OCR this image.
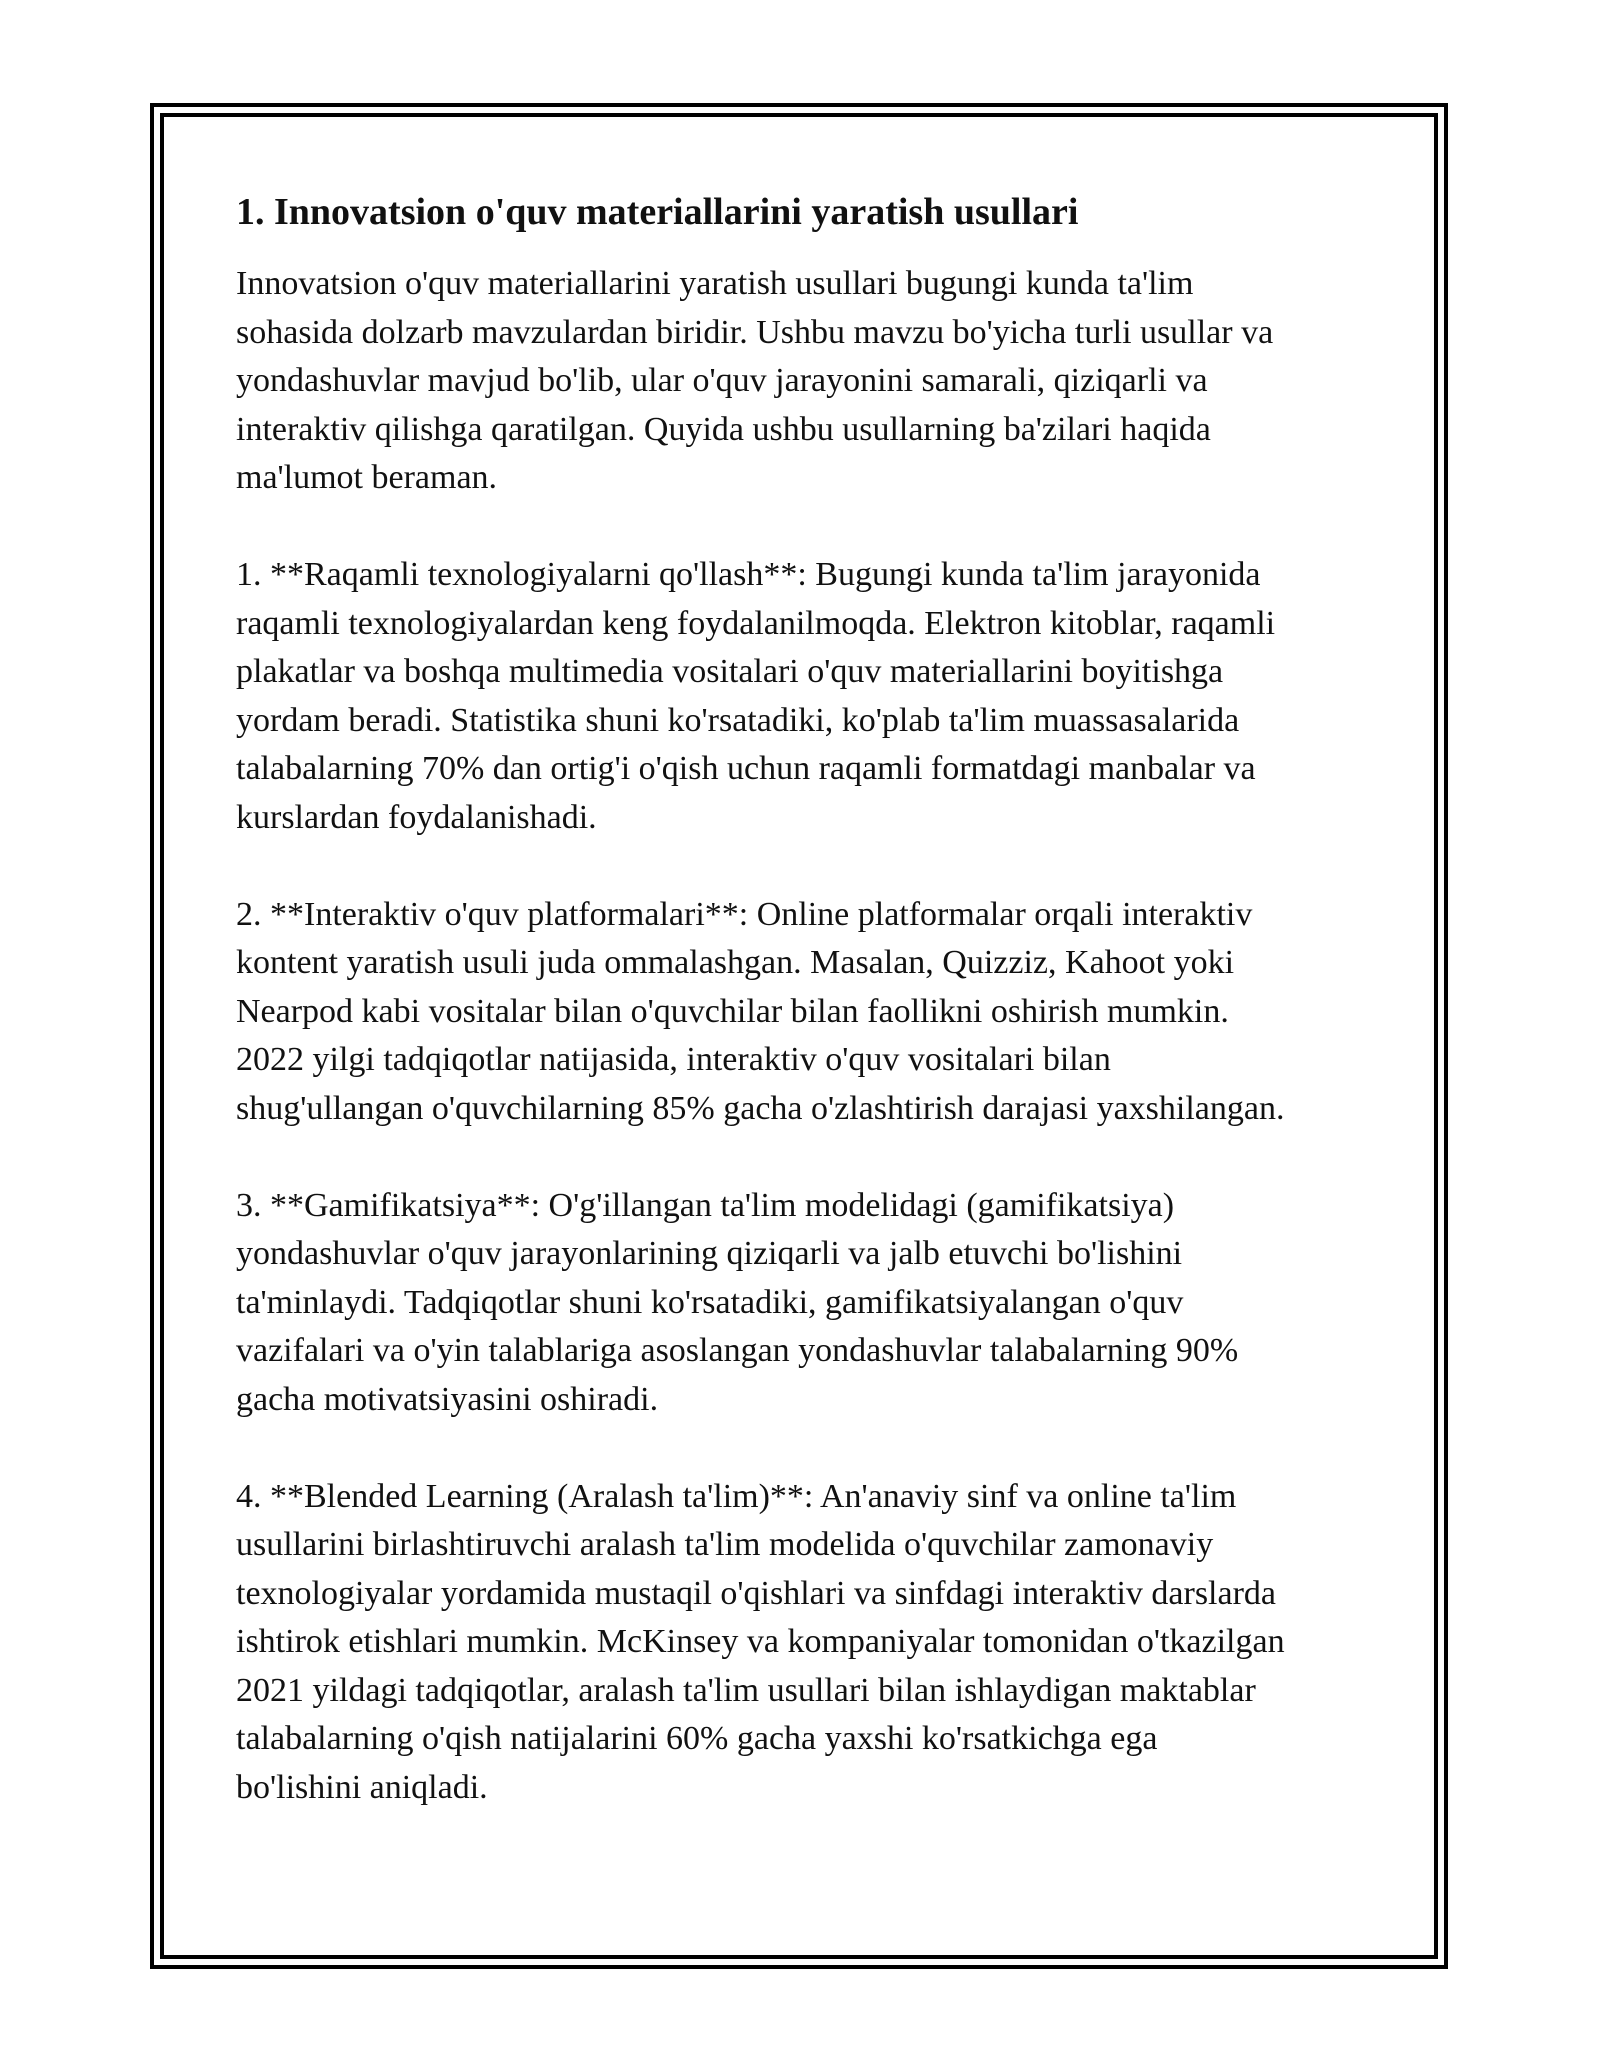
1. Innovatsion o'quv materiallarini yaratish usullari

Innovatsion o'quv materiallarini yaratish usullari bugungi kunda ta'lim
sohasida dolzarb mavzulardan biridir. Ushbu mavzu bo'yicha turli usullar va
yondashuvlar mavjud bo'lib, ular o'quv jarayonini samarali, qiziqarli va
interaktiv qilishga qaratilgan. Quyida ushbu usullarning ba'zilari haqida
ma'lumot beraman.

1. **Raqamli texnologiyalarni qo'llash**: Bugungi kunda ta'lim jarayonida
raqamli texnologiyalardan keng foydalanilmoqda. Elektron kitoblar, raqamli
plakatlar va boshqa multimedia vositalari o'quv materiallarini boyitishga
yordam beradi. Statistika shuni ko'rsatadiki, ko'plab ta'lim muassasalarida
talabalarning 70% dan ortig'i o'qish uchun raqamli formatdagi manbalar va
kurslardan foydalanishadi.

2. **Interaktiv o'quv platformalari**: Online platformalar orqali interaktiv
kontent yaratish usuli juda ommalashgan. Masalan, Quizziz, Kahoot yoki
Nearpod kabi vositalar bilan o'quvchilar bilan faollikni oshirish mumkin.
2022 yilgi tadqiqotlar natijasida, interaktiv o'quv vositalari bilan
shug'ullangan o'quvchilarning 85% gacha o'zlashtirish darajasi yaxshilangan.

3. **Gamifikatsiya**: O'g'illangan ta'lim modelidagi (gamifikatsiya)
yondashuvlar o'quv jarayonlarining qiziqarli va jalb etuvchi bo'lishini
ta'minlaydi. Tadqiqotlar shuni ko'rsatadiki, gamifikatsiyalangan o'quv
vazifalari va o'yin talablariga asoslangan yondashuvlar talabalarning 90%
gacha motivatsiyasini oshiradi.

4. **Blended Learning (Aralash ta'lim)**: An'anaviy sinf va online ta'lim
usullarini birlashtiruvchi aralash ta'lim modelida o'quvchilar zamonaviy
texnologiyalar yordamida mustaqil o'qishlari va sinfdagi interaktiv darslarda
ishtirok etishlari mumkin. McKinsey va kompaniyalar tomonidan o'tkazilgan
2021 yildagi tadqiqotlar, aralash ta'lim usullari bilan ishlaydigan maktablar
talabalarning o'qish natijalarini 60% gacha yaxshi ko'rsatkichga ega
bo'lishini aniqladi.
